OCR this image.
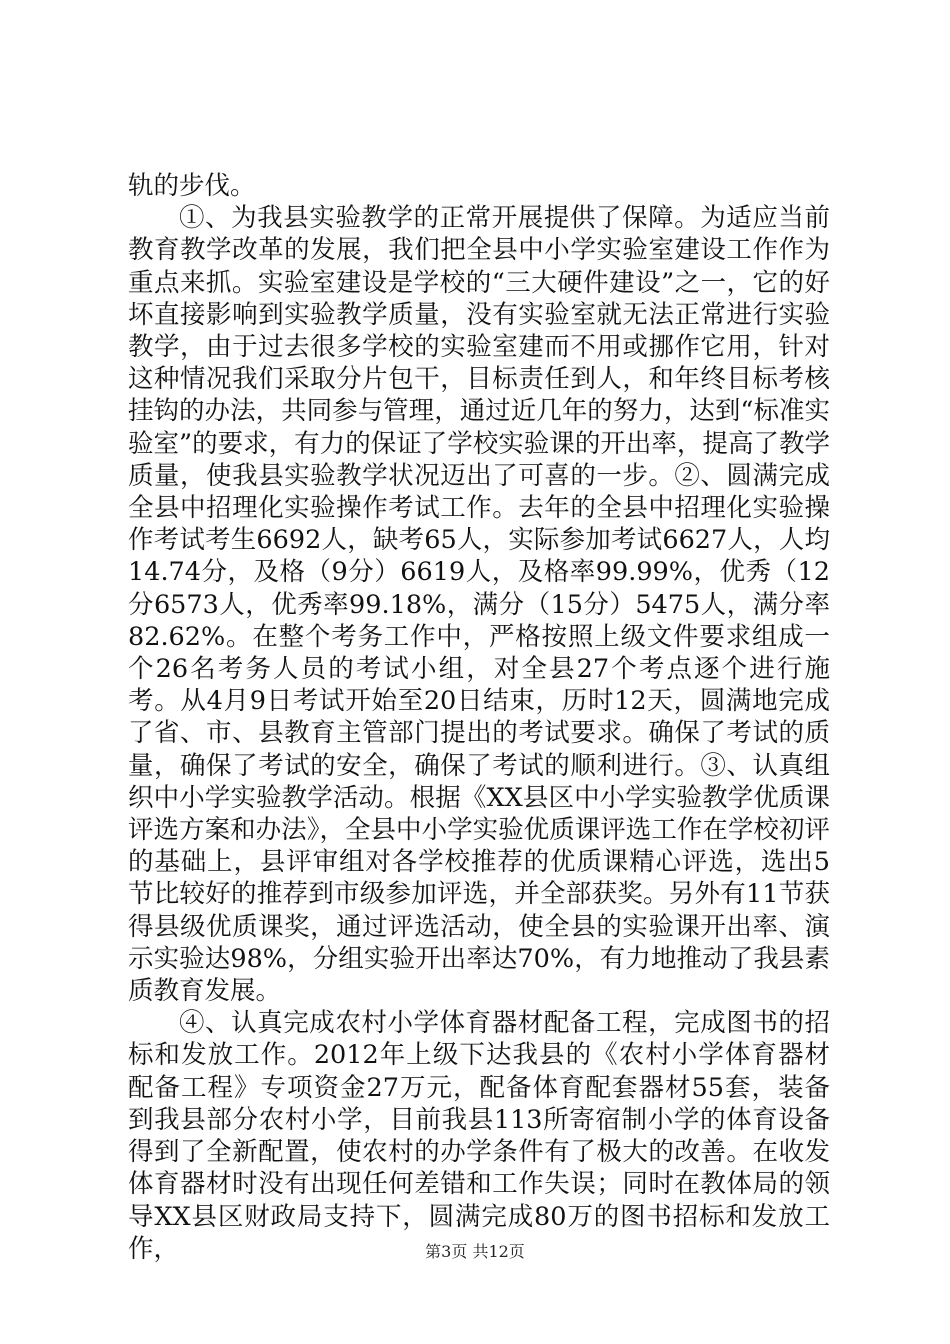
轨的步伐。

①、为我县实验教学的正常开展提供了保障。为适应当前教育教学改革的发展，我们把全县中小学实验室建设工作作为重点来抓。实验室建设是学校的“三大硬件建设”之一，它的好坏直接影响到实验教学质量，没有实验室就无法正常进行实验教学，由于过去很多学校的实验室建而不用或挪作它用，针对这种情况我们采取分片包干，目标责任到人，和年终目标考核挂钩的办法，共同参与管理，通过近几年的努力，达到“标准实验室”的要求，有力的保证了学校实验课的开出率，提高了教学质量，使我县实验教学状况迈出了可喜的一步。②、圆满完成全县中招理化实验操作考试工作。去年的全县中招理化实验操作考试考生6692人，缺考65人，实际参加考试6627人，人均14.74分，及格（9分）6619人，及格率99.99%，优秀（12分6573人，优秀率99.18%，满分（15分）5475人，满分率82.62%。在整个考务工作中，严格按照上级文件要求组成一个26名考务人员的考试小组，对全县27个考点逐个进行施考。从4月9日考试开始至20日结束，历时12天，圆满地完成了省、市、县教育主管部门提出的考试要求。确保了考试的质量，确保了考试的安全，确保了考试的顺利进行。③、认真组织中小学实验教学活动。根据《XX县区中小学实验教学优质课评选方案和办法》，全县中小学实验优质课评选工作在学校初评的基础上，县评审组对各学校推荐的优质课精心评选，选出5节比较好的推荐到市级参加评选，并全部获奖。另外有11节获得县级优质课奖，通过评选活动，使全县的实验课开出率、演示实验达98%，分组实验开出率达70%，有力地推动了我县素质教育发展。

④、认真完成农村小学体育器材配备工程，完成图书的招标和发放工作。2012年上级下达我县的《农村小学体育器材配备工程》专项资金27万元，配备体育配套器材55套，装备到我县部分农村小学，目前我县113所寄宿制小学的体育设备得到了全新配置，使农村的办学条件有了极大的改善。在收发体育器材时没有出现任何差错和工作失误；同时在教体局的领导XX县区财政局支持下，圆满完成80万的图书招标和发放工作，	第3页 共12页
